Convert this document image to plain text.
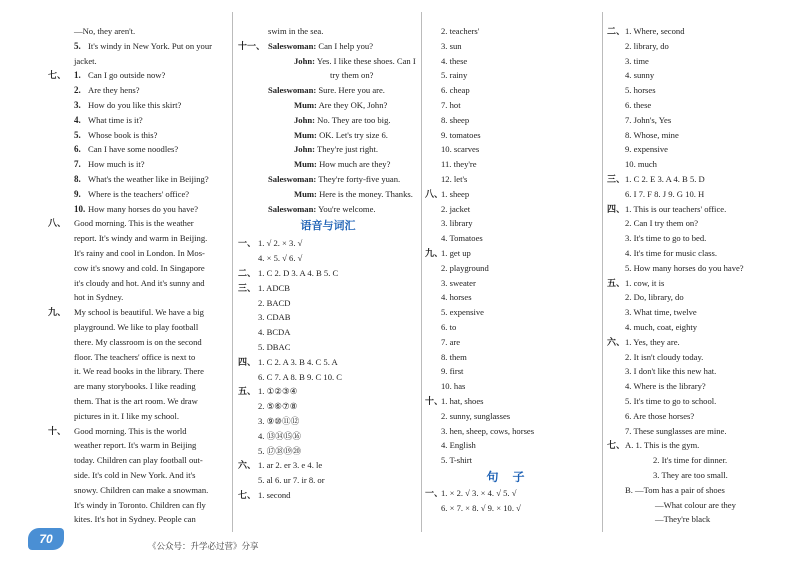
—No, they aren't.
5. It's windy in New York. Put on your
jacket.
七、 1. Can I go outside now?
2. Are they hens?
3. How do you like this skirt?
4. What time is it?
5. Whose book is this?
6. Can I have some noodles?
7. How much is it?
8. What's the weather like in Beijing?
9. Where is the teachers' office?
10. How many horses do you have?
八、 Good morning. This is the weather
report. It's windy and warm in Beijing.
It's rainy and cool in London. In Mos-
cow it's snowy and cold. In Singapore
it's cloudy and hot. And it's sunny and
hot in Sydney.
九、 My school is beautiful. We have a big
playground. We like to play football
there. My classroom is on the second
floor. The teachers' office is next to
it. We read books in the library. There
are many storybooks. I like reading
them. That is the art room. We draw
pictures in it. I like my school.
十、 Good morning. This is the world
weather report. It's warm in Beijing
today. Children can play football out-
side. It's cold in New York. And it's
snowy. Children can make a snowman.
It's windy in Toronto. Children can fly
kites. It's hot in Sydney. People can
swim in the sea.
十一、 Saleswoman: Can I help you?
John: Yes. I like these shoes. Can I
try them on?
Saleswoman: Sure. Here you are.
Mum: Are they OK, John?
John: No. They are too big.
Mum: OK. Let's try size 6.
John: They're just right.
Mum: How much are they?
Saleswoman: They're forty-five yuan.
Mum: Here is the money. Thanks.
Saleswoman: You're welcome.
语音与词汇
一、 1. √ 2. × 3. √
4. × 5. √ 6. √
二、 1. C 2. D 3. A 4. B 5. C
三、 1. ADCB
2. BACD
3. CDAB
4. BCDA
5. DBAC
四、 1. C 2. A 3. B 4. C 5. A
6. C 7. A 8. B 9. C 10. C
五、 1. ①②③④
2. ⑤⑥⑦⑧
3. ⑨⑩⑪⑫
4. ⑬⑭⑮⑯
5. ⑰⑱⑲⑳
六、 1. ar 2. er 3. e 4. le
5. al 6. ur 7. ir 8. or
七、 1. second
2. teachers'
3. sun
4. these
5. rainy
6. cheap
7. hot
8. sheep
9. tomatoes
10. scarves
11. they're
12. let's
八、
1. sheep
2. jacket
3. library
4. Tomatoes
九、
1. get up
2. playground
3. sweater
4. horses
5. expensive
6. to
7. are
8. them
9. first
10. has
十、
1. hat, shoes
2. sunny, sunglasses
3. hen, sheep, cows, horses
4. English
5. T-shirt
句子
一、
1. × 2. √ 3. × 4. √ 5. √
6. × 7. × 8. √ 9. × 10. √
二、 1. Where, second
2. library, do
3. time
4. sunny
5. horses
6. these
7. John's, Yes
8. Whose, mine
9. expensive
10. much
三、 1. C 2. E 3. A 4. B 5. D
6. I 7. F 8. J 9. G 10. H
四、 1. This is our teachers' office.
2. Can I try them on?
3. It's time to go to bed.
4. It's time for music class.
5. How many horses do you have?
五、 1. cow, it is
2. Do, library, do
3. What time, twelve
4. much, coat, eighty
六、 1. Yes, they are.
2. It isn't cloudy today.
3. I don't like this new hat.
4. Where is the library?
5. It's time to go to school.
6. Are those horses?
7. These sunglasses are mine.
七、 A. 1. This is the gym.
2. It's time for dinner.
3. They are too small.
B. —Tom has a pair of shoes
—What colour are they
—They're black
70
《公众号：升学必过营》分享
